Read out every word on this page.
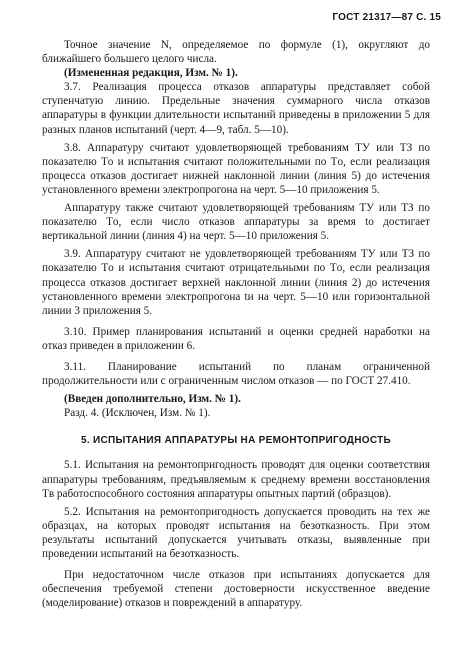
ГОСТ 21317—87 С. 15

Точное значение N, определяемое по формуле (1), округляют до ближайшего большего целого числа.

(Измененная редакция, Изм. № 1).

3.7. Реализация процесса отказов аппаратуры представляет собой ступенчатую линию. Предельные значения суммарного числа отказов аппаратуры в функции длительности испытаний приведены в приложении 5 для разных планов испытаний (черт. 4—9, табл. 5—10).

3.8. Аппаратуру считают удовлетворяющей требованиям ТУ или ТЗ по показателю Tо и испытания считают положительными по Tо, если реализация процесса отказов достигает нижней наклонной линии (линия 5) до истечения установленного времени электропрогона на черт. 5—10 приложения 5.

Аппаратуру также считают удовлетворяющей требованиям ТУ или ТЗ по показателю Tо, если число отказов аппаратуры за время tо достигает вертикальной линии (линия 4) на черт. 5—10 приложения 5.

3.9. Аппаратуру считают не удовлетворяющей требованиям ТУ или ТЗ по показателю Tо и испытания считают отрицательными по Tо, если реализация процесса отказов достигает верхней наклонной линии (линия 2) до истечения установленного времени электропрогона tи на черт. 5—10 или горизонтальной линии 3 приложения 5.

3.10. Пример планирования испытаний и оценки средней наработки на отказ приведен в приложении 6.

3.11. Планирование испытаний по планам ограниченной продолжительности или с ограниченным числом отказов — по ГОСТ 27.410.

(Введен дополнительно, Изм. № 1).

Разд. 4. (Исключен, Изм. № 1).

5. ИСПЫТАНИЯ АППАРАТУРЫ НА РЕМОНТОПРИГОДНОСТЬ

5.1. Испытания на ремонтопригодность проводят для оценки соответствия аппаратуры требованиям, предъявляемым к среднему времени восстановления Tв работоспособного состояния аппаратуры опытных партий (образцов).

5.2. Испытания на ремонтопригодность допускается проводить на тех же образцах, на которых проводят испытания на безотказность. При этом результаты испытаний допускается учитывать отказы, выявленные при проведении испытаний на безотказность.

При недостаточном числе отказов при испытаниях допускается для обеспечения требуемой степени достоверности искусственное введение (моделирование) отказов и повреждений в аппаратуру.
